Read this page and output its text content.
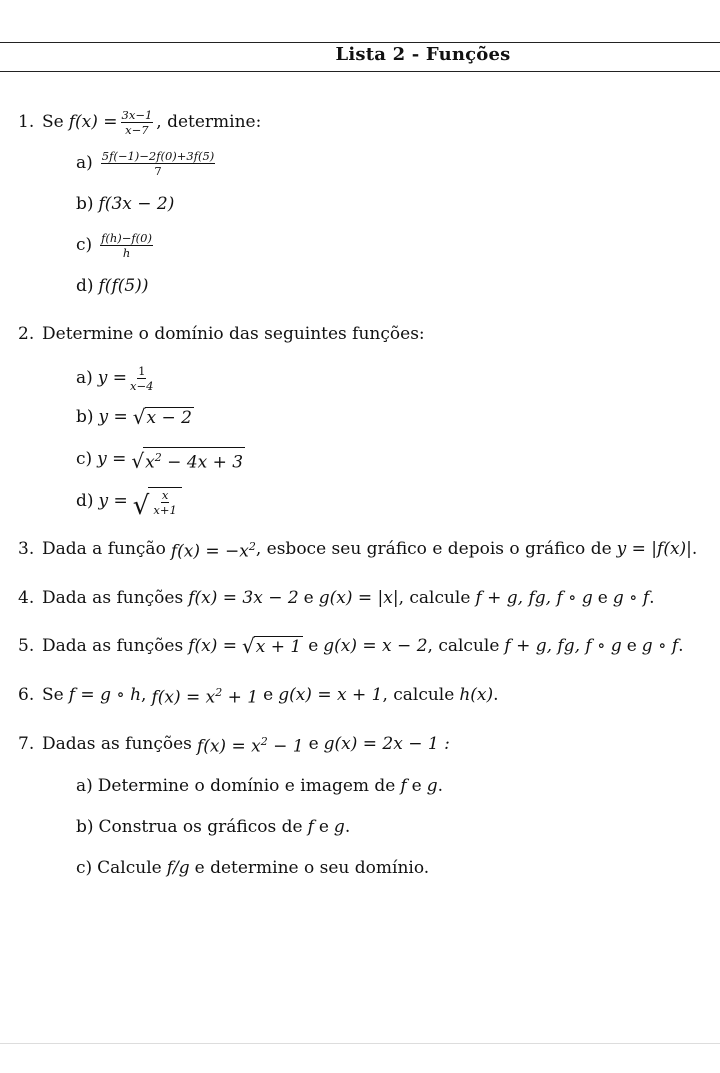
Lista 2 - Funções
1. Se $f(x) = \frac{3x-1}{x-7}$ , determine:
$a) \frac{5f(-1)-2f(0)+3f(5)}{7}$
b) f(3x − 2)
$c) \frac{f(h)-f(0)}{h}$
d) f(f(5))
2. Determine o domínio das seguintes funções:
a) $y = \frac{1}{x-4}$
b) y = √ x − 2
c) y = √ $x^2 - 4x + 3$
d) y = √ $\frac{x}{x+1}$
3. Dada a função $f(x) = -x^2$ , esboce seu gráfico e depois o gráfico de y = |f(x)| .
4. Dada as funções f(x) = 3x − 2 e g(x) = |x| , calcule f + g, fg, f ∘ g e g ∘ f .
5. Dada as funções f(x) = √ x + 1 e g(x) = x − 2 , calcule f + g, fg, f ∘ g e g ∘ f .
6. Se f = g ∘ h , $f(x) = x^2 + 1$ e g(x) = x + 1 , calcule h(x) .
7. Dadas as funções $f(x) = x^2 - 1$ e g(x) = 2x − 1 :
a) Determine o domínio e imagem de f e g .
b) Construa os gráficos de f e g .
c) Calcule f/g e determine o seu domínio.
